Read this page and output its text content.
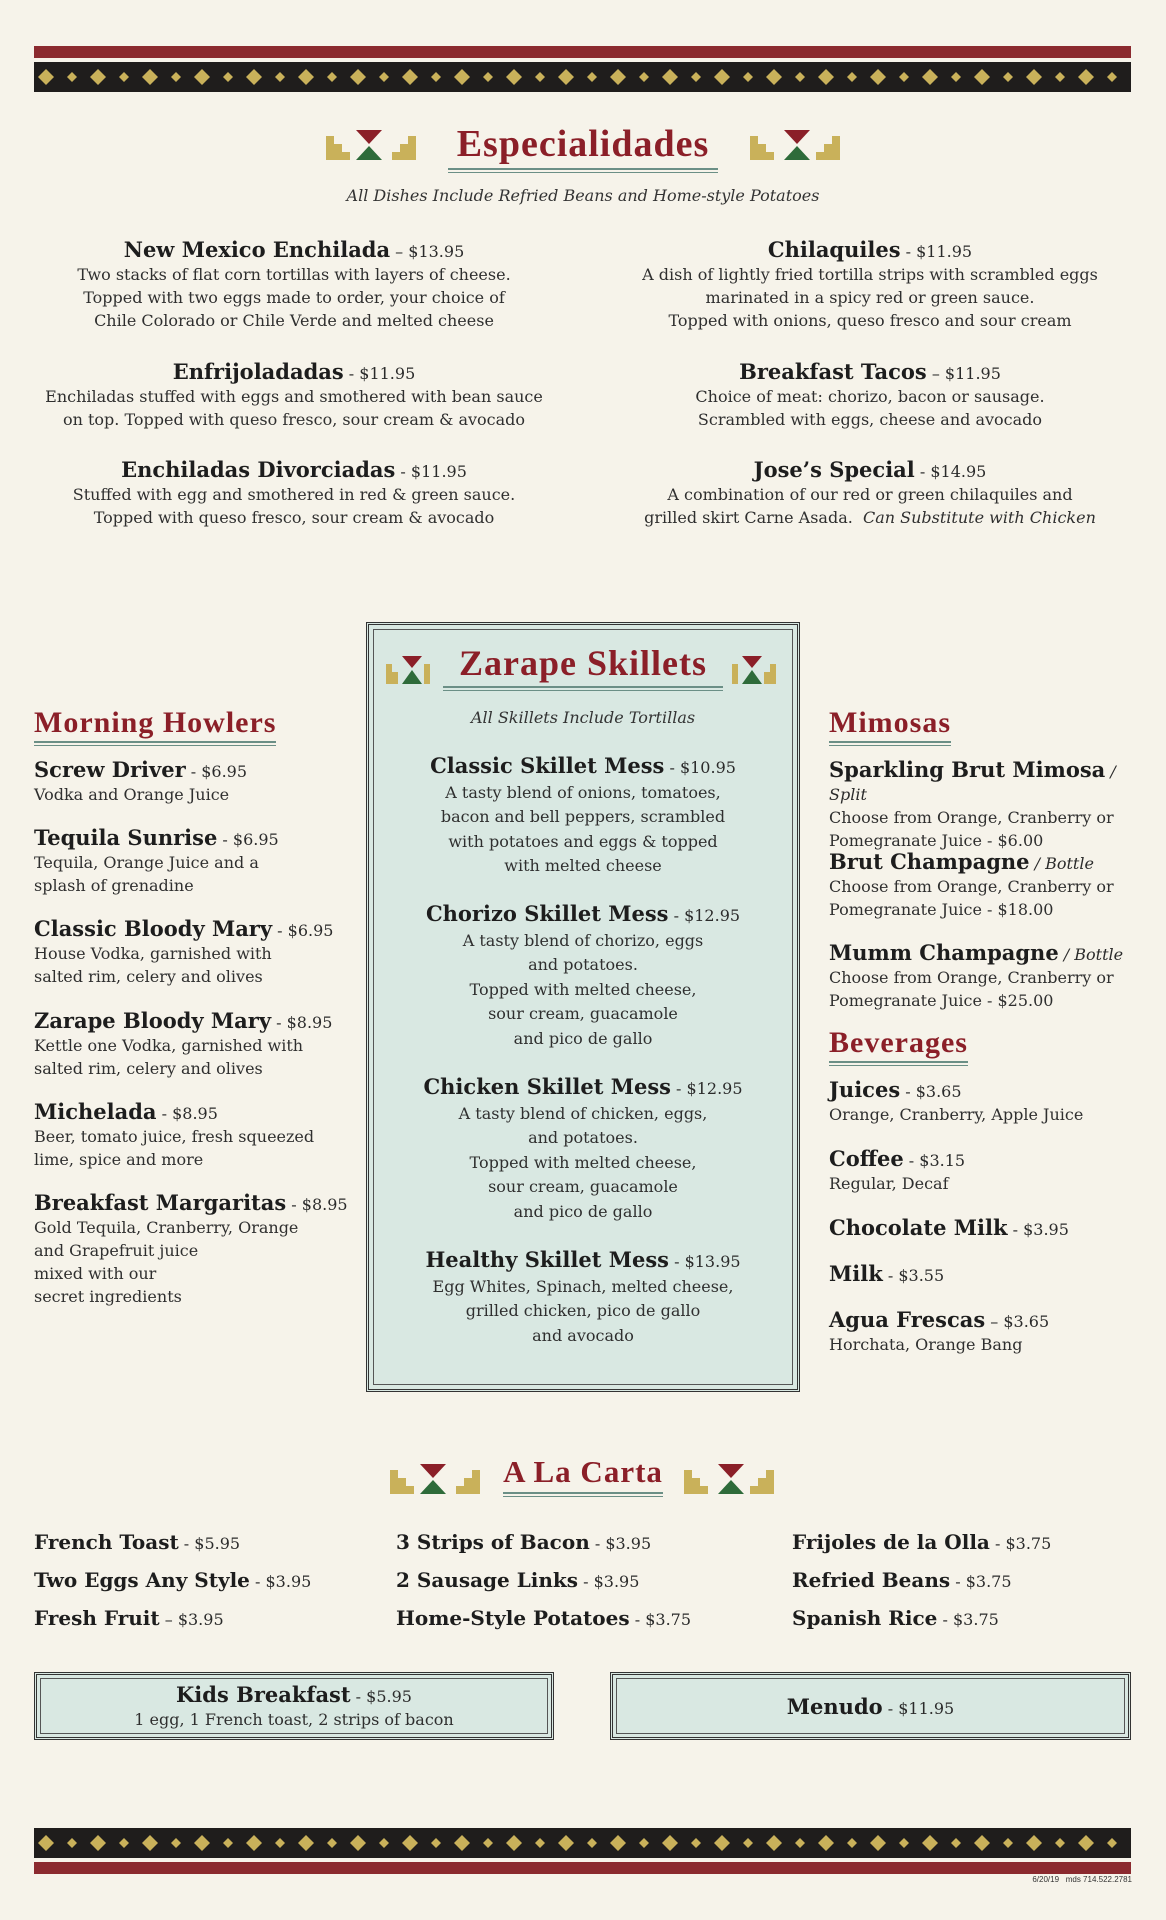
Especialidades
All Dishes Include Refried Beans and Home-style Potatoes
New Mexico Enchilada – $13.95
Two stacks of flat corn tortillas with layers of cheese.
Topped with two eggs made to order, your choice of
Chile Colorado or Chile Verde and melted cheese
Chilaquiles - $11.95
A dish of lightly fried tortilla strips with scrambled eggs
marinated in a spicy red or green sauce.
Topped with onions, queso fresco and sour cream
Enfrijoladadas - $11.95
Enchiladas stuffed with eggs and smothered with bean sauce
on top. Topped with queso fresco, sour cream & avocado
Breakfast Tacos – $11.95
Choice of meat: chorizo, bacon or sausage.
Scrambled with eggs, cheese and avocado
Enchiladas Divorciadas - $11.95
Stuffed with egg and smothered in red & green sauce.
Topped with queso fresco, sour cream & avocado
Jose’s Special - $14.95
A combination of our red or green chilaquiles and
grilled skirt Carne Asada. Can Substitute with Chicken
Zarape Skillets
All Skillets Include Tortillas
Classic Skillet Mess - $10.95
A tasty blend of onions, tomatoes,
bacon and bell peppers, scrambled
with potatoes and eggs & topped
with melted cheese
Chorizo Skillet Mess - $12.95
A tasty blend of chorizo, eggs
and potatoes.
Topped with melted cheese,
sour cream, guacamole
and pico de gallo
Chicken Skillet Mess - $12.95
A tasty blend of chicken, eggs,
and potatoes.
Topped with melted cheese,
sour cream, guacamole
and pico de gallo
Healthy Skillet Mess - $13.95
Egg Whites, Spinach, melted cheese,
grilled chicken, pico de gallo
and avocado
Morning Howlers
Screw Driver - $6.95
Vodka and Orange Juice
Tequila Sunrise - $6.95
Tequila, Orange Juice and a
splash of grenadine
Classic Bloody Mary - $6.95
House Vodka, garnished with
salted rim, celery and olives
Zarape Bloody Mary - $8.95
Kettle one Vodka, garnished with
salted rim, celery and olives
Michelada - $8.95
Beer, tomato juice, fresh squeezed
lime, spice and more
Breakfast Margaritas - $8.95
Gold Tequila, Cranberry, Orange
and Grapefruit juice
mixed with our
secret ingredients
Mimosas
Sparkling Brut Mimosa / Split
Choose from Orange, Cranberry or
Pomegranate Juice - $6.00
Brut Champagne / Bottle
Choose from Orange, Cranberry or
Pomegranate Juice - $18.00
Mumm Champagne / Bottle
Choose from Orange, Cranberry or
Pomegranate Juice - $25.00
Beverages
Juices - $3.65
Orange, Cranberry, Apple Juice
Coffee - $3.15
Regular, Decaf
Chocolate Milk - $3.95
Milk - $3.55
Agua Frescas – $3.65
Horchata, Orange Bang
A La Carta
French Toast - $5.95
Two Eggs Any Style - $3.95
Fresh Fruit – $3.95
3 Strips of Bacon - $3.95
2 Sausage Links - $3.95
Home-Style Potatoes - $3.75
Frijoles de la Olla - $3.75
Refried Beans - $3.75
Spanish Rice - $3.75
Kids Breakfast - $5.95
1 egg, 1 French toast, 2 strips of bacon
Menudo - $11.95
6/20/19 mds 714.522.2781
